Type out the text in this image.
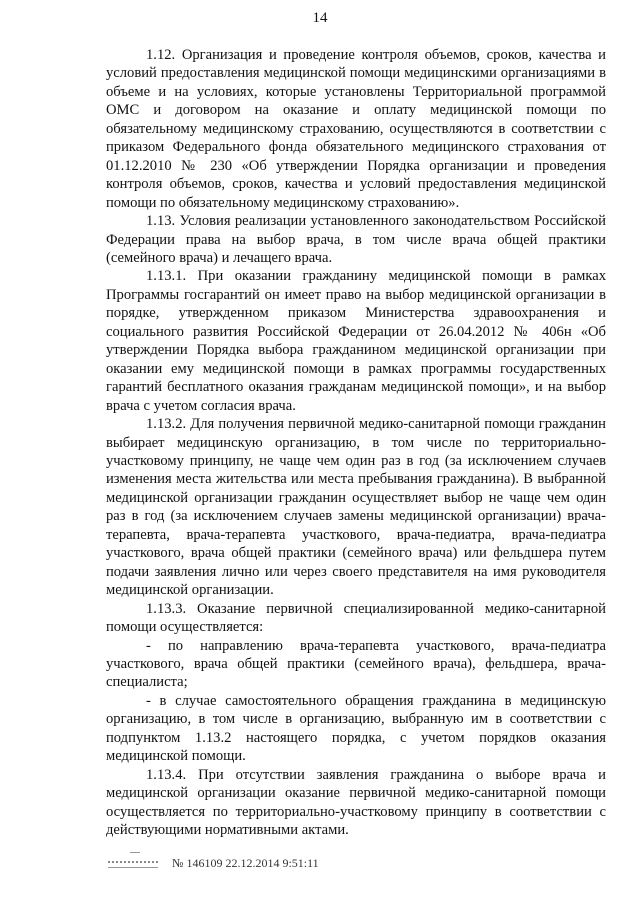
14

1.12. Организация и проведение контроля объемов, сроков, качества и условий предоставления медицинской помощи медицинскими организациями в объеме и на условиях, которые установлены Территориальной программой ОМС и договором на оказание и оплату медицинской помощи по обязательному медицинскому страхованию, осуществляются в соответствии с приказом Федерального фонда обязательного медицинского страхования от 01.12.2010 № 230 «Об утверждении Порядка организации и проведения контроля объемов, сроков, качества и условий предоставления медицинской помощи по обязательному медицинскому страхованию».

1.13. Условия реализации установленного законодательством Российской Федерации права на выбор врача, в том числе врача общей практики (семейного врача) и лечащего врача.

1.13.1. При оказании гражданину медицинской помощи в рамках Программы госгарантий он имеет право на выбор медицинской организации в порядке, утвержденном приказом Министерства здравоохранения и социального развития Российской Федерации от 26.04.2012 № 406н «Об утверждении Порядка выбора гражданином медицинской организации при оказании ему медицинской помощи в рамках программы государственных гарантий бесплатного оказания гражданам медицинской помощи», и на выбор врача с учетом согласия врача.

1.13.2. Для получения первичной медико-санитарной помощи гражданин выбирает медицинскую организацию, в том числе по территориально-участковому принципу, не чаще чем один раз в год (за исключением случаев изменения места жительства или места пребывания гражданина). В выбранной медицинской организации гражданин осуществляет выбор не чаще чем один раз в год (за исключением случаев замены медицинской организации) врача-терапевта, врача-терапевта участкового, врача-педиатра, врача-педиатра участкового, врача общей практики (семейного врача) или фельдшера путем подачи заявления лично или через своего представителя на имя руководителя медицинской организации.

1.13.3. Оказание первичной специализированной медико-санитарной помощи осуществляется:

- по направлению врача-терапевта участкового, врача-педиатра участкового, врача общей практики (семейного врача), фельдшера, врача-специалиста;

- в случае самостоятельного обращения гражданина в медицинскую организацию, в том числе в организацию, выбранную им в соответствии с подпунктом 1.13.2 настоящего порядка, с учетом порядков оказания медицинской помощи.

1.13.4. При отсутствии заявления гражданина о выборе врача и медицинской организации оказание первичной медико-санитарной помощи осуществляется по территориально-участковому принципу в соответствии с действующими нормативными актами.

№ 146109 22.12.2014 9:51:11
